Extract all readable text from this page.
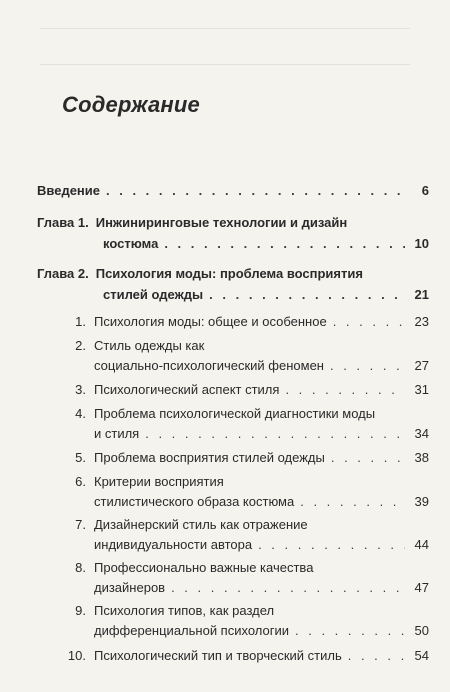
Содержание
Введение . . .	6
Глава 1. Инжиниринговые технологии и дизайн
костюма . . .	10
Глава 2. Психология моды: проблема восприятия
стилей одежды . . .	21
1. Психология моды: общее и особенное . . .	23
2. Стиль одежды как
социально-психологический феномен . . .	27
3. Психологический аспект стиля . . .	31
4. Проблема психологической диагностики моды
и стиля . . .	34
5. Проблема восприятия стилей одежды . . .	38
6. Критерии восприятия
стилистического образа костюма . . .	39
7. Дизайнерский стиль как отражение
индивидуальности автора . . .	44
8. Профессионально важные качества
дизайнеров . . .	47
9. Психология типов, как раздел
дифференциальной психологии . . .	50
10. Психологический тип и творческий стиль . . .	54
